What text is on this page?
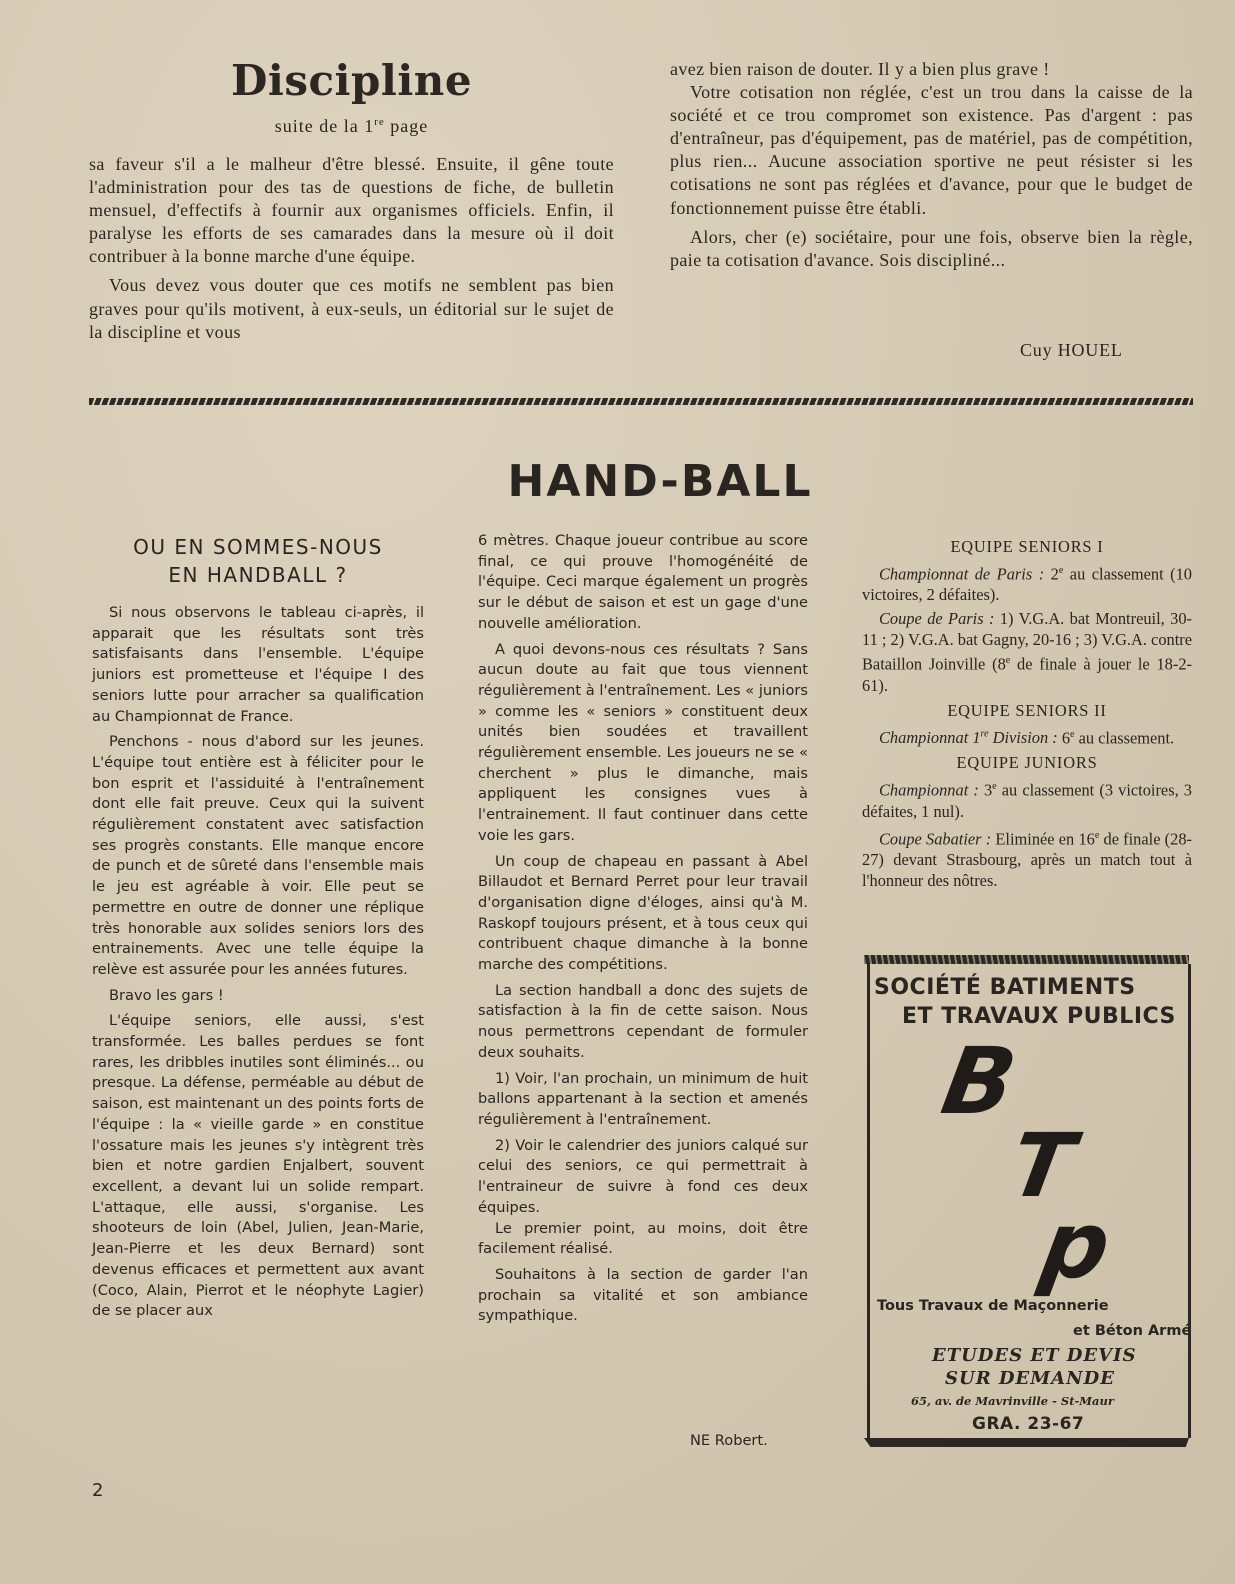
Discipline
suite de la 1re page

sa faveur s'il a le malheur d'être blessé. Ensuite, il gêne toute l'administration pour des tas de questions de fiche, de bulletin mensuel, d'effectifs à fournir aux organismes officiels. Enfin, il paralyse les efforts de ses camarades dans la mesure où il doit contribuer à la bonne marche d'une équipe.

Vous devez vous douter que ces motifs ne semblent pas bien graves pour qu'ils motivent, à eux-seuls, un éditorial sur le sujet de la discipline et vous

avez bien raison de douter. Il y a bien plus grave !

Votre cotisation non réglée, c'est un trou dans la caisse de la société et ce trou compromet son existence. Pas d'argent : pas d'entraîneur, pas d'équipement, pas de matériel, pas de compétition, plus rien... Aucune association sportive ne peut résister si les cotisations ne sont pas réglées et d'avance, pour que le budget de fonctionnement puisse être établi.

Alors, cher (e) sociétaire, pour une fois, observe bien la règle, paie ta cotisation d'avance. Sois discipliné...

Cuy HOUEL
HAND-BALL
OU EN SOMMES-NOUS
EN HANDBALL ?

Si nous observons le tableau ci-après, il apparait que les résultats sont très satisfaisants dans l'ensemble. L'équipe juniors est prometteuse et l'équipe I des seniors lutte pour arracher sa qualification au Championnat de France.

Penchons - nous d'abord sur les jeunes. L'équipe tout entière est à féliciter pour le bon esprit et l'assiduité à l'entraînement dont elle fait preuve. Ceux qui la suivent régulièrement constatent avec satisfaction ses progrès constants. Elle manque encore de punch et de sûreté dans l'ensemble mais le jeu est agréable à voir. Elle peut se permettre en outre de donner une réplique très honorable aux solides seniors lors des entrainements. Avec une telle équipe la relève est assurée pour les années futures.

Bravo les gars !

L'équipe seniors, elle aussi, s'est transformée. Les balles perdues se font rares, les dribbles inutiles sont éliminés... ou presque. La défense, perméable au début de saison, est maintenant un des points forts de l'équipe : la « vieille garde » en constitue l'ossature mais les jeunes s'y intègrent très bien et notre gardien Enjalbert, souvent excellent, a devant lui un solide rempart. L'attaque, elle aussi, s'organise. Les shooteurs de loin (Abel, Julien, Jean-Marie, Jean-Pierre et les deux Bernard) sont devenus efficaces et permettent aux avant (Coco, Alain, Pierrot et le néophyte Lagier) de se placer aux

6 mètres. Chaque joueur contribue au score final, ce qui prouve l'homogénéité de l'équipe. Ceci marque également un progrès sur le début de saison et est un gage d'une nouvelle amélioration.

A quoi devons-nous ces résultats ? Sans aucun doute au fait que tous viennent régulièrement à l'entraînement. Les « juniors » comme les « seniors » constituent deux unités bien soudées et travaillent régulièrement ensemble. Les joueurs ne se « cherchent » plus le dimanche, mais appliquent les consignes vues à l'entrainement. Il faut continuer dans cette voie les gars.

Un coup de chapeau en passant à Abel Billaudot et Bernard Perret pour leur travail d'organisation digne d'éloges, ainsi qu'à M. Raskopf toujours présent, et à tous ceux qui contribuent chaque dimanche à la bonne marche des compétitions.

La section handball a donc des sujets de satisfaction à la fin de cette saison. Nous nous permettrons cependant de formuler deux souhaits.

1) Voir, l'an prochain, un minimum de huit ballons appartenant à la section et amenés régulièrement à l'entraînement.

2) Voir le calendrier des juniors calqué sur celui des seniors, ce qui permettrait à l'entraineur de suivre à fond ces deux équipes.

Le premier point, au moins, doit être facilement réalisé.

Souhaitons à la section de garder l'an prochain sa vitalité et son ambiance sympathique.

NE Robert.

EQUIPE SENIORS I

Championnat de Paris : 2e au classement (10 victoires, 2 défaites).

Coupe de Paris : 1) V.G.A. bat Montreuil, 30-11 ; 2) V.G.A. bat Gagny, 20-16 ; 3) V.G.A. contre Bataillon Joinville (8e de finale à jouer le 18-2-61).

EQUIPE SENIORS II

Championnat 1re Division : 6e au classement.

EQUIPE JUNIORS

Championnat : 3e au classement (3 victoires, 3 défaites, 1 nul).

Coupe Sabatier : Eliminée en 16e de finale (28-27) devant Strasbourg, après un match tout à l'honneur des nôtres.

SOCIÉTÉ BATIMENTS
ET TRAVAUX PUBLICS
B
T
p
Tous Travaux de Maçonnerie
et Béton Armé
ETUDES ET DEVIS
SUR DEMANDE
65, av. de Mavrinville - St-Maur
GRA. 23-67
2
